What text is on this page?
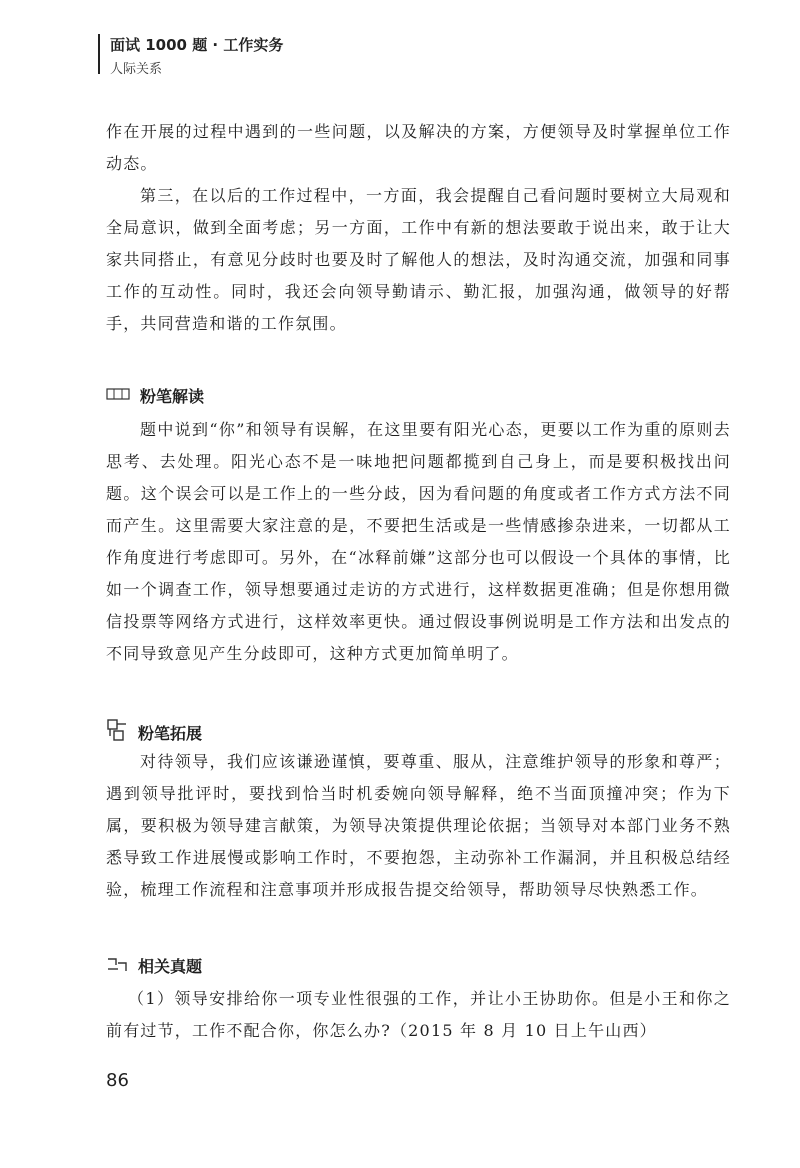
面试 1000 题 · 工作实务
人际关系

作在开展的过程中遇到的一些问题，以及解决的方案，方便领导及时掌握单位工作动态。

第三，在以后的工作过程中，一方面，我会提醒自己看问题时要树立大局观和全局意识，做到全面考虑；另一方面，工作中有新的想法要敢于说出来，敢于让大家共同搭止，有意见分歧时也要及时了解他人的想法，及时沟通交流，加强和同事工作的互动性。同时，我还会向领导勤请示、勤汇报，加强沟通，做领导的好帮手，共同营造和谐的工作氛围。

粉笔解读

题中说到“你”和领导有误解，在这里要有阳光心态，更要以工作为重的原则去思考、去处理。阳光心态不是一味地把问题都揽到自己身上，而是要积极找出问题。这个误会可以是工作上的一些分歧，因为看问题的角度或者工作方式方法不同而产生。这里需要大家注意的是，不要把生活或是一些情感掺杂进来，一切都从工作角度进行考虑即可。另外，在“冰释前嫌”这部分也可以假设一个具体的事情，比如一个调查工作，领导想要通过走访的方式进行，这样数据更准确；但是你想用微信投票等网络方式进行，这样效率更快。通过假设事例说明是工作方法和出发点的不同导致意见产生分歧即可，这种方式更加简单明了。

粉笔拓展

对待领导，我们应该谦逊谨慎，要尊重、服从，注意维护领导的形象和尊严；遇到领导批评时，要找到恰当时机委婉向领导解释，绝不当面顶撞冲突；作为下属，要积极为领导建言献策，为领导决策提供理论依据；当领导对本部门业务不熟悉导致工作进展慢或影响工作时，不要抱怨，主动弥补工作漏洞，并且积极总结经验，梳理工作流程和注意事项并形成报告提交给领导，帮助领导尽快熟悉工作。

相关真题

（1）领导安排给你一项专业性很强的工作，并让小王协助你。但是小王和你之前有过节，工作不配合你，你怎么办?（2015 年 8 月 10 日上午山西）

86
